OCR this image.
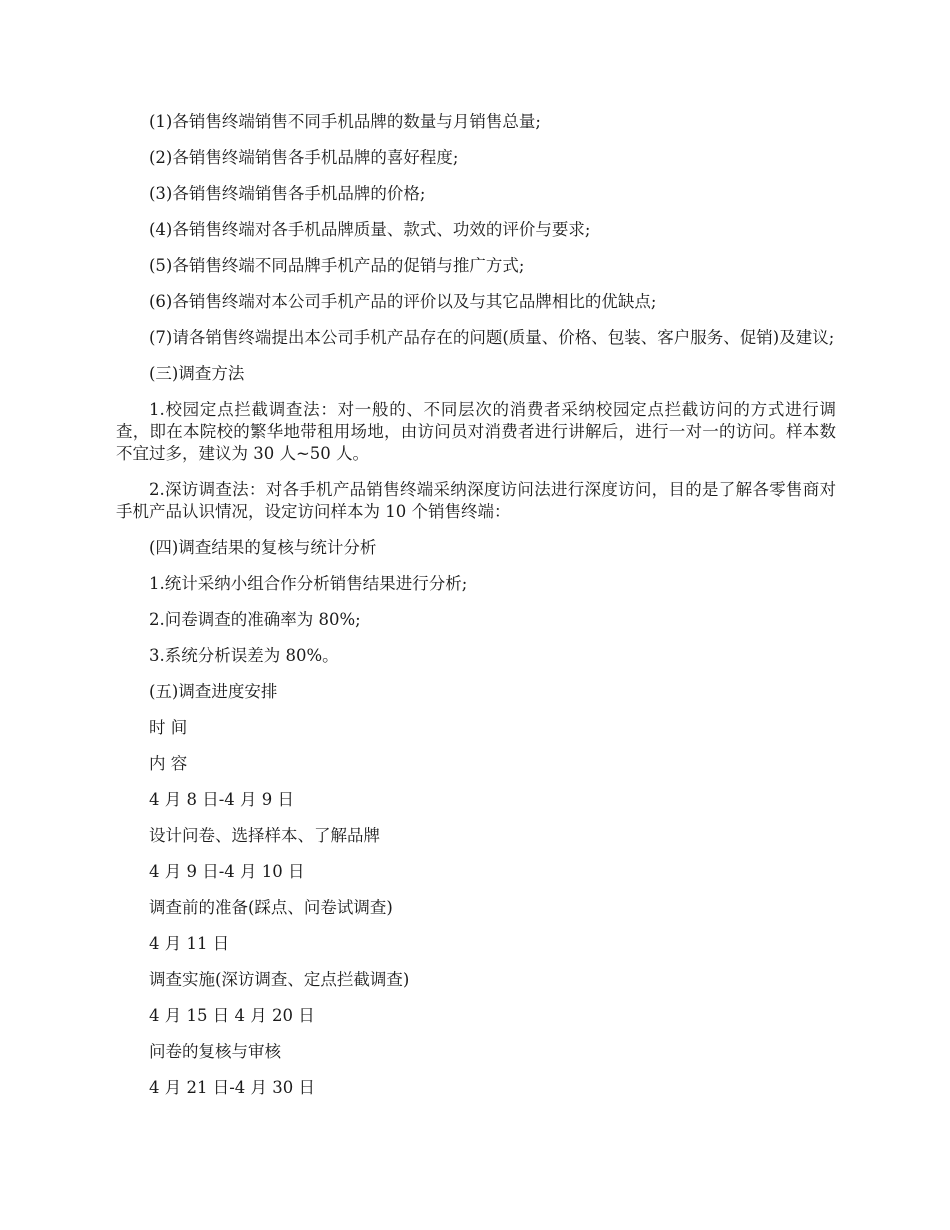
(1)各销售终端销售不同手机品牌的数量与月销售总量;

(2)各销售终端销售各手机品牌的喜好程度;

(3)各销售终端销售各手机品牌的价格;

(4)各销售终端对各手机品牌质量、款式、功效的评价与要求;

(5)各销售终端不同品牌手机产品的促销与推广方式;

(6)各销售终端对本公司手机产品的评价以及与其它品牌相比的优缺点;

(7)请各销售终端提出本公司手机产品存在的问题(质量、价格、包装、客户服务、促销)及建议;

(三)调查方法

1.校园定点拦截调查法：对一般的、不同层次的消费者采纳校园定点拦截访问的方式进行调查，即在本院校的繁华地带租用场地，由访问员对消费者进行讲解后，进行一对一的访问。样本数不宜过多，建议为 30 人~50 人。

2.深访调查法：对各手机产品销售终端采纳深度访问法进行深度访问，目的是了解各零售商对手机产品认识情况，设定访问样本为 10 个销售终端：

(四)调查结果的复核与统计分析

1.统计采纳小组合作分析销售结果进行分析;

2.问卷调查的准确率为 80%;

3.系统分析误差为 80%。

(五)调查进度安排

时 间

内 容

4 月 8 日-4 月 9 日

设计问卷、选择样本、了解品牌

4 月 9 日-4 月 10 日

调查前的准备(踩点、问卷试调查)

4 月 11 日

调查实施(深访调查、定点拦截调查)

4 月 15 日 4 月 20 日

问卷的复核与审核

4 月 21 日-4 月 30 日
